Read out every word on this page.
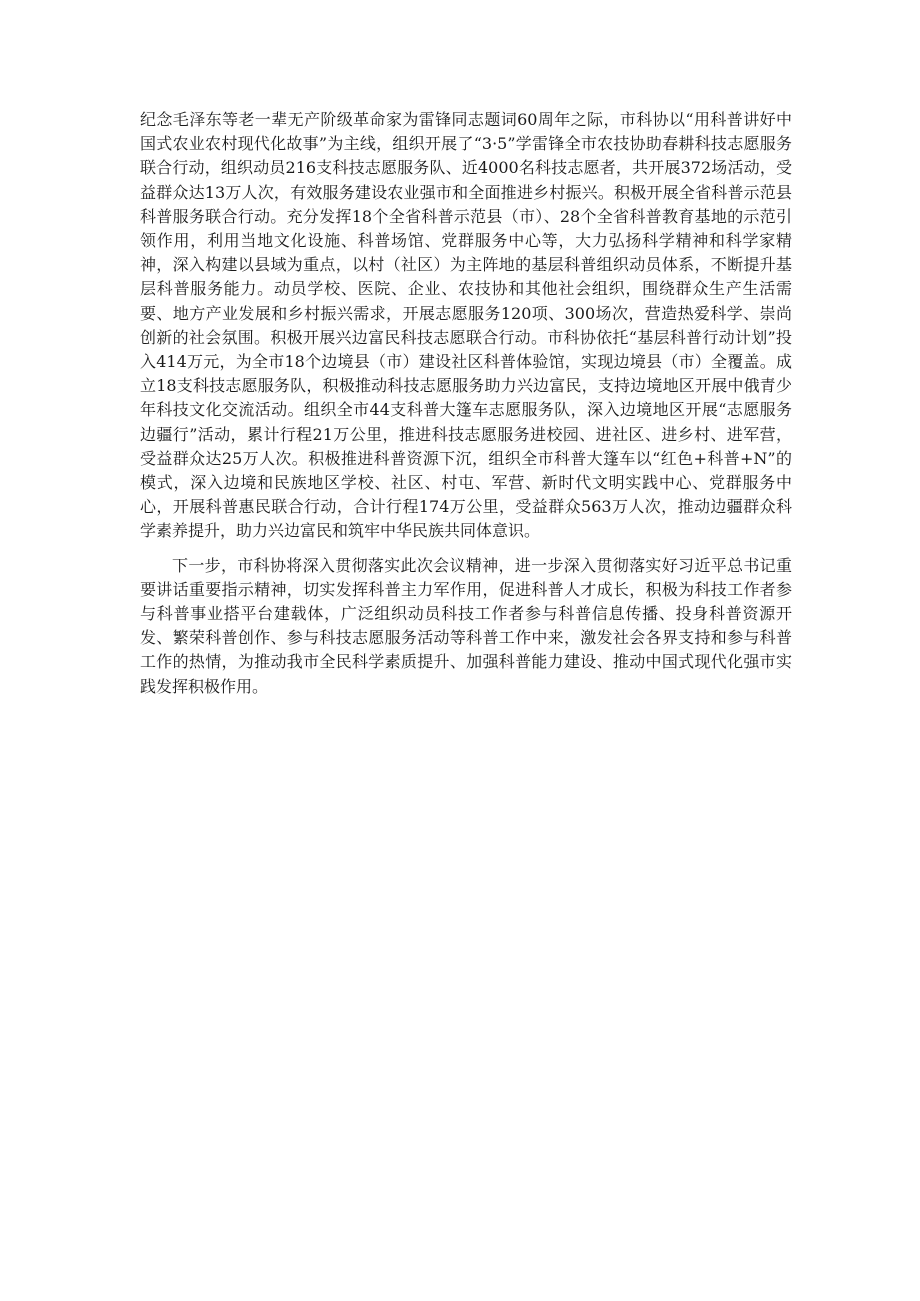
纪念毛泽东等老一辈无产阶级革命家为雷锋同志题词60周年之际，市科协以“用科普讲好中国式农业农村现代化故事”为主线，组织开展了“3·5”学雷锋全市农技协助春耕科技志愿服务联合行动，组织动员216支科技志愿服务队、近4000名科技志愿者，共开展372场活动，受益群众达13万人次，有效服务建设农业强市和全面推进乡村振兴。积极开展全省科普示范县科普服务联合行动。充分发挥18个全省科普示范县（市）、28个全省科普教育基地的示范引领作用，利用当地文化设施、科普场馆、党群服务中心等，大力弘扬科学精神和科学家精神，深入构建以县域为重点，以村（社区）为主阵地的基层科普组织动员体系，不断提升基层科普服务能力。动员学校、医院、企业、农技协和其他社会组织，围绕群众生产生活需要、地方产业发展和乡村振兴需求，开展志愿服务120项、300场次，营造热爱科学、崇尚创新的社会氛围。积极开展兴边富民科技志愿联合行动。市科协依托“基层科普行动计划”投入414万元，为全市18个边境县（市）建设社区科普体验馆，实现边境县（市）全覆盖。成立18支科技志愿服务队，积极推动科技志愿服务助力兴边富民，支持边境地区开展中俄青少年科技文化交流活动。组织全市44支科普大篷车志愿服务队，深入边境地区开展“志愿服务边疆行”活动，累计行程21万公里，推进科技志愿服务进校园、进社区、进乡村、进军营，受益群众达25万人次。积极推进科普资源下沉，组织全市科普大篷车以“红色+科普+N”的模式，深入边境和民族地区学校、社区、村屯、军营、新时代文明实践中心、党群服务中心，开展科普惠民联合行动，合计行程174万公里，受益群众563万人次，推动边疆群众科学素养提升，助力兴边富民和筑牢中华民族共同体意识。

下一步，市科协将深入贯彻落实此次会议精神，进一步深入贯彻落实好习近平总书记重要讲话重要指示精神，切实发挥科普主力军作用，促进科普人才成长，积极为科技工作者参与科普事业搭平台建载体，广泛组织动员科技工作者参与科普信息传播、投身科普资源开发、繁荣科普创作、参与科技志愿服务活动等科普工作中来，激发社会各界支持和参与科普工作的热情，为推动我市全民科学素质提升、加强科普能力建设、推动中国式现代化强市实践发挥积极作用。
